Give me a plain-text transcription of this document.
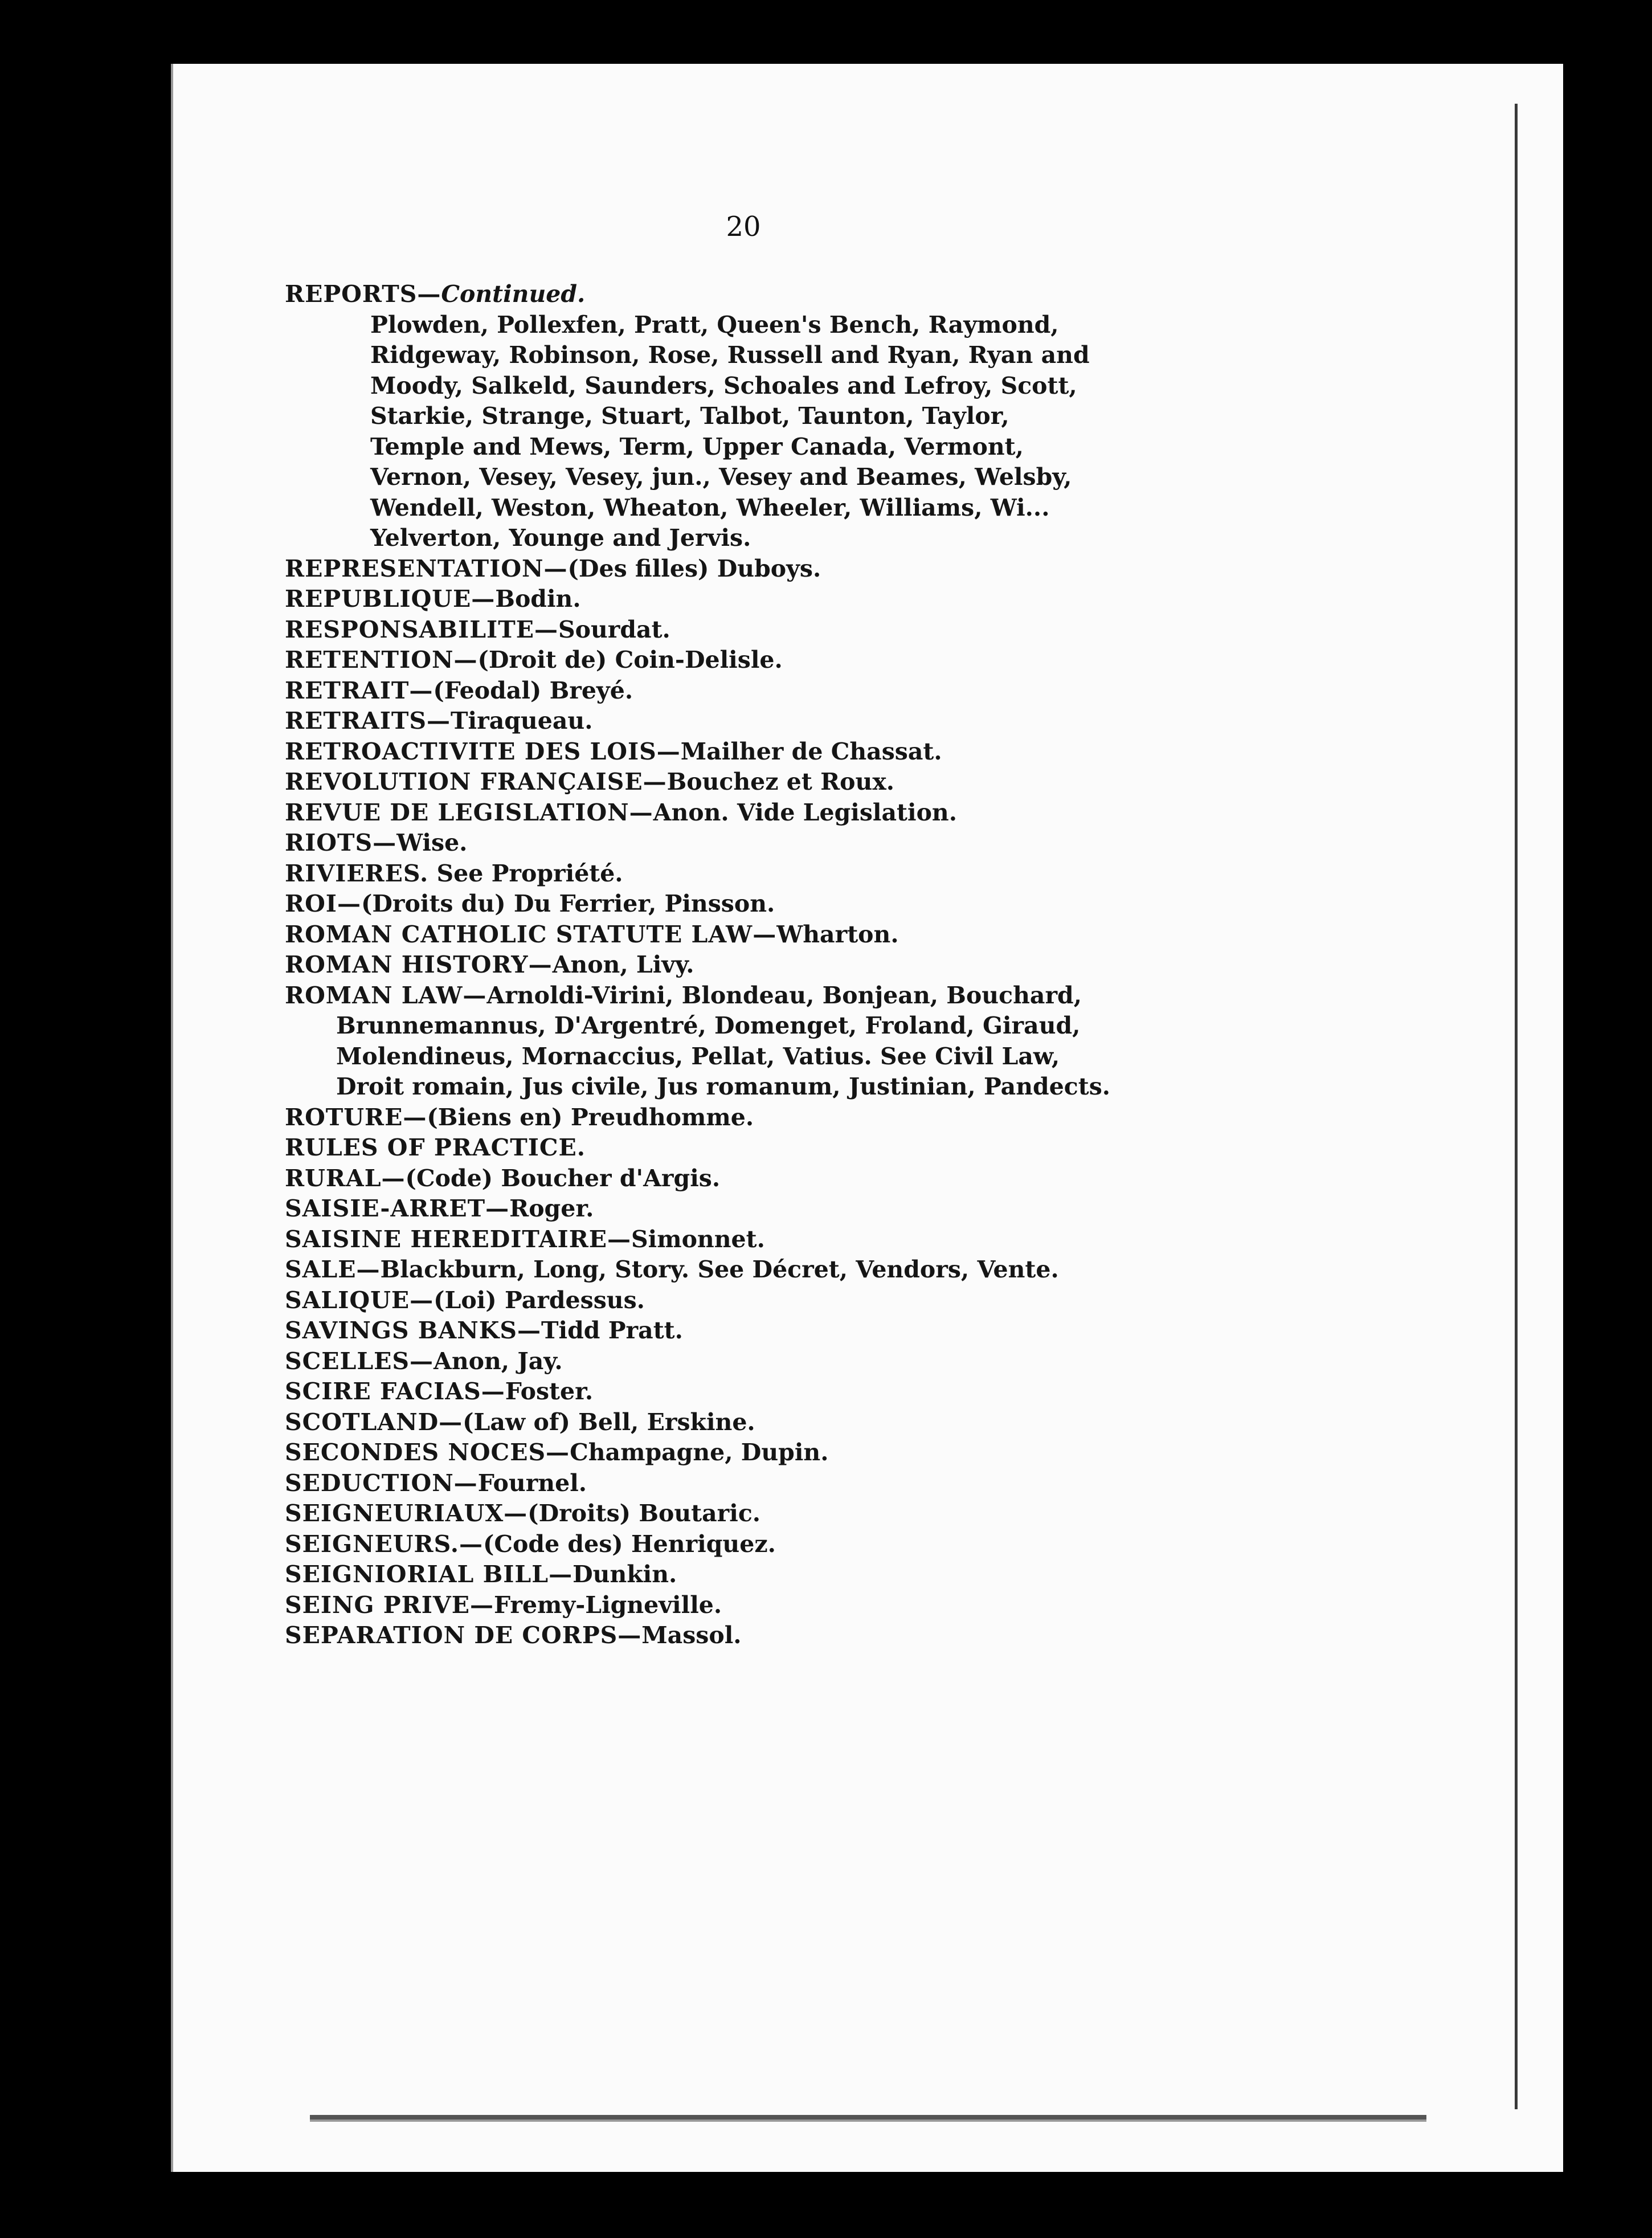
20
REPORTS—Continued.
Plowden, Pollexfen, Pratt, Queen's Bench, Raymond, Ridgeway, Robinson, Rose, Russell and Ryan, Ryan and Moody, Salkeld, Saunders, Schoales and Lefroy, Scott, Starkie, Strange, Stuart, Talbot, Taunton, Taylor, Temple and Mews, Term, Upper Canada, Vermont, Vernon, Vesey, Vesey, jun., Vesey and Beames, Welsby, Wendell, Weston, Wheaton, Wheeler, Williams, Wi... Yelverton, Younge and Jervis.
REPRESENTATION—(Des filles) Duboys.
REPUBLIQUE—Bodin.
RESPONSABILITE—Sourdat.
RETENTION—(Droit de) Coin-Delisle.
RETRAIT—(Feodal) Breyé.
RETRAITS—Tiraqueau.
RETROACTIVITE DES LOIS—Mailher de Chassat.
REVOLUTION FRANÇAISE—Bouchez et Roux.
REVUE DE LEGISLATION—Anon. Vide Legislation.
RIOTS—Wise.
RIVIERES. See Propriété.
ROI—(Droits du) Du Ferrier, Pinsson.
ROMAN CATHOLIC STATUTE LAW—Wharton.
ROMAN HISTORY—Anon, Livy.
ROMAN LAW—Arnoldi-Virini, Blondeau, Bonjean, Bouchard, Brunnemannus, D'Argentré, Domenget, Froland, Giraud, Molendineus, Mornaccius, Pellat, Vatius. See Civil Law, Droit romain, Jus civile, Jus romanum, Justinian, Pandects.
ROTURE—(Biens en) Preudhomme.
RULES OF PRACTICE.
RURAL—(Code) Boucher d'Argis.
SAISIE-ARRET—Roger.
SAISINE HEREDITAIRE—Simonnet.
SALE—Blackburn, Long, Story. See Décret, Vendors, Vente.
SALIQUE—(Loi) Pardessus.
SAVINGS BANKS—Tidd Pratt.
SCELLES—Anon, Jay.
SCIRE FACIAS—Foster.
SCOTLAND—(Law of) Bell, Erskine.
SECONDES NOCES—Champagne, Dupin.
SEDUCTION—Fournel.
SEIGNEURIAUX—(Droits) Boutaric.
SEIGNEURS.—(Code des) Henriquez.
SEIGNIORIAL BILL—Dunkin.
SEING PRIVE—Fremy-Ligneville.
SEPARATION DE CORPS—Massol.
